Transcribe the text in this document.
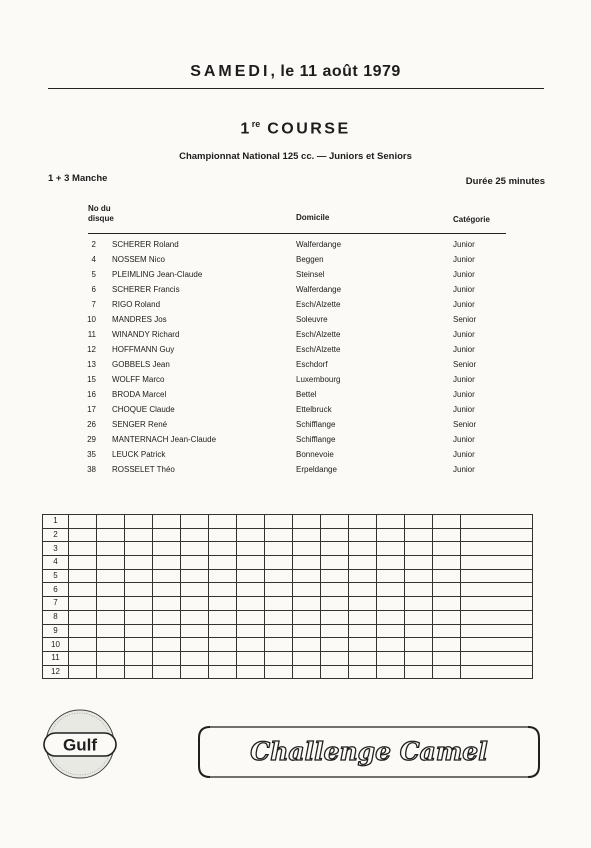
SAMEDI, le 11 août 1979
1re COURSE
Championnat National 125 cc. — Juniors et Seniors
1 + 3 Manche	Durée 25 minutes
No du
disque	Domicile	Catégorie
2 SCHERER Roland	Walferdange	Junior
4 NOSSEM Nico	Beggen	Junior
5 PLEIMLING Jean-Claude	Steinsel	Junior
6 SCHERER Francis	Walferdange	Junior
7 RIGO Roland	Esch/Alzette	Junior
10 MANDRES Jos	Soleuvre	Senior
11 WINANDY Richard	Esch/Alzette	Junior
12 HOFFMANN Guy	Esch/Alzette	Junior
13 GOBBELS Jean	Eschdorf	Senior
15 WOLFF Marco	Luxembourg	Junior
16 BRODA Marcel	Bettel	Junior
17 CHOQUE Claude	Ettelbruck	Junior
26 SENGER René	Schifflange	Senior
29 MANTERNACH Jean-Claude	Schifflange	Junior
35 LEUCK Patrick	Bonnevoie	Junior
38 ROSSELET Théo	Erpeldange	Junior
1															
2															
3															
4															
5															
6															
7															
8															
9															
10															
11															
12															
Gulf	Challenge Camel
